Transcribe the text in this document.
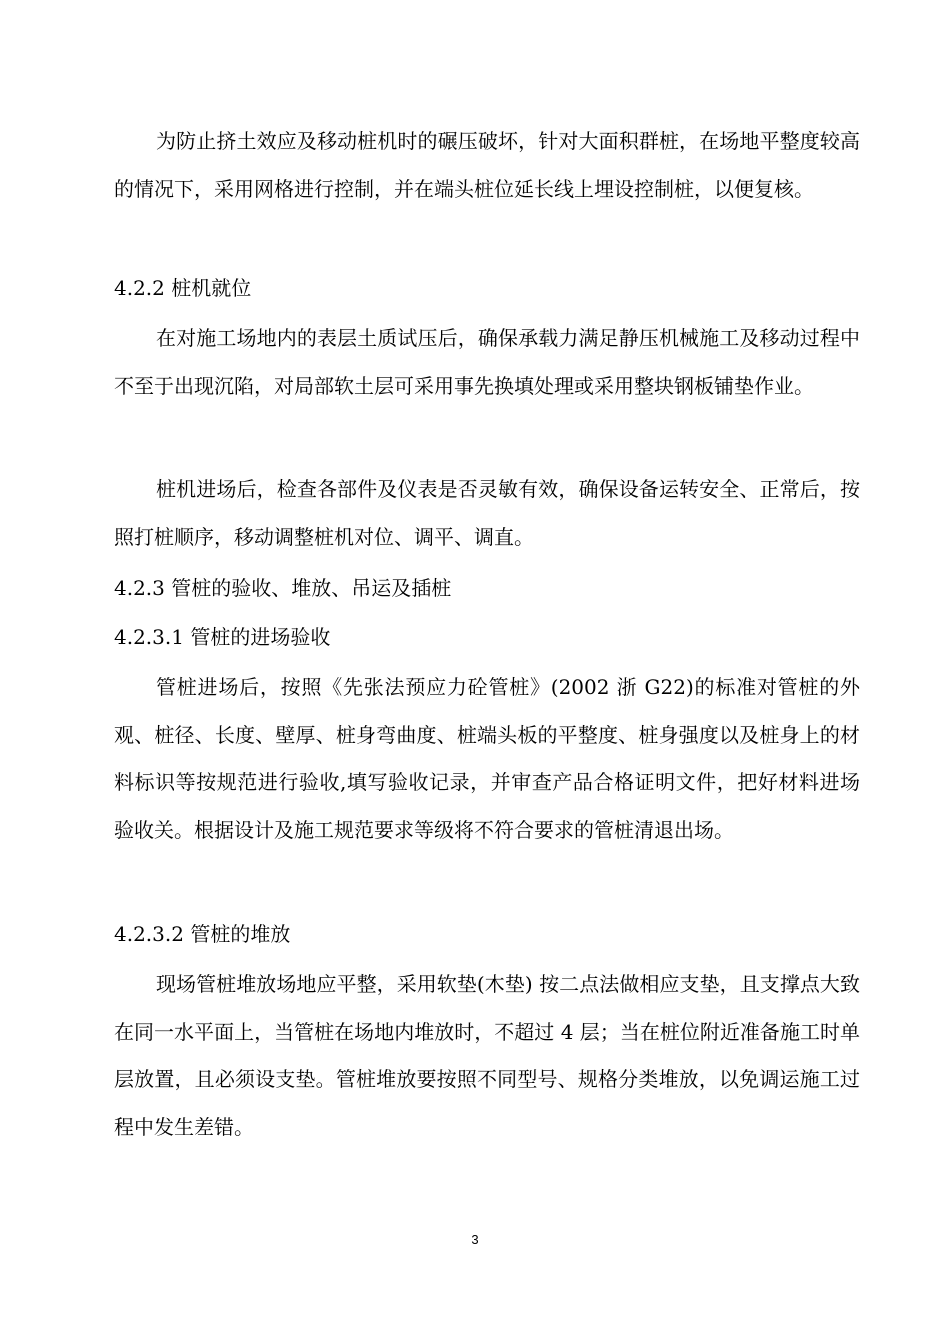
为防止挤土效应及移动桩机时的碾压破坏，针对大面积群桩，在场地平整度较高的情况下，采用网格进行控制，并在端头桩位延长线上埋设控制桩，以便复核。

4.2.2 桩机就位

在对施工场地内的表层土质试压后，确保承载力满足静压机械施工及移动过程中不至于出现沉陷，对局部软土层可采用事先换填处理或采用整块钢板铺垫作业。

桩机进场后，检查各部件及仪表是否灵敏有效，确保设备运转安全、正常后，按照打桩顺序，移动调整桩机对位、调平、调直。

4.2.3 管桩的验收、堆放、吊运及插桩

4.2.3.1 管桩的进场验收

管桩进场后，按照《先张法预应力砼管桩》(2002 浙 G22)的标准对管桩的外观、桩径、长度、壁厚、桩身弯曲度、桩端头板的平整度、桩身强度以及桩身上的材料标识等按规范进行验收,填写验收记录，并审查产品合格证明文件，把好材料进场验收关。根据设计及施工规范要求等级将不符合要求的管桩清退出场。

4.2.3.2 管桩的堆放

现场管桩堆放场地应平整，采用软垫(木垫) 按二点法做相应支垫，且支撑点大致在同一水平面上，当管桩在场地内堆放时，不超过 4 层；当在桩位附近准备施工时单层放置，且必须设支垫。管桩堆放要按照不同型号、规格分类堆放，以免调运施工过程中发生差错。

3
